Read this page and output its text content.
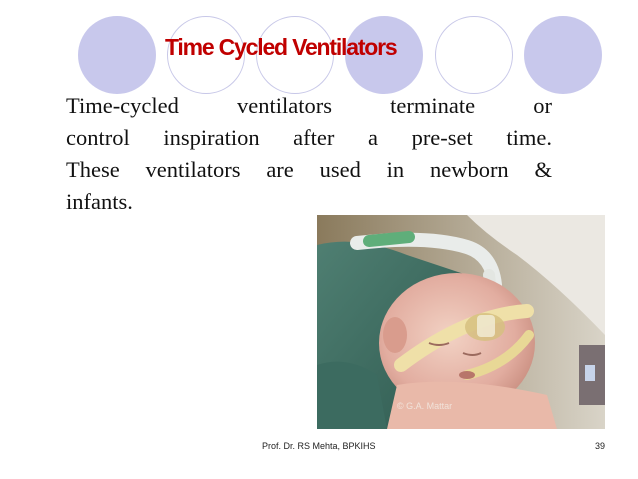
Time Cycled Ventilators
Time-cycled ventilators terminate or
control inspiration after a pre-set time.
These ventilators are used in newborn &
infants.
© G.A. Mattar
Prof. Dr. RS Mehta, BPKIHS	39
